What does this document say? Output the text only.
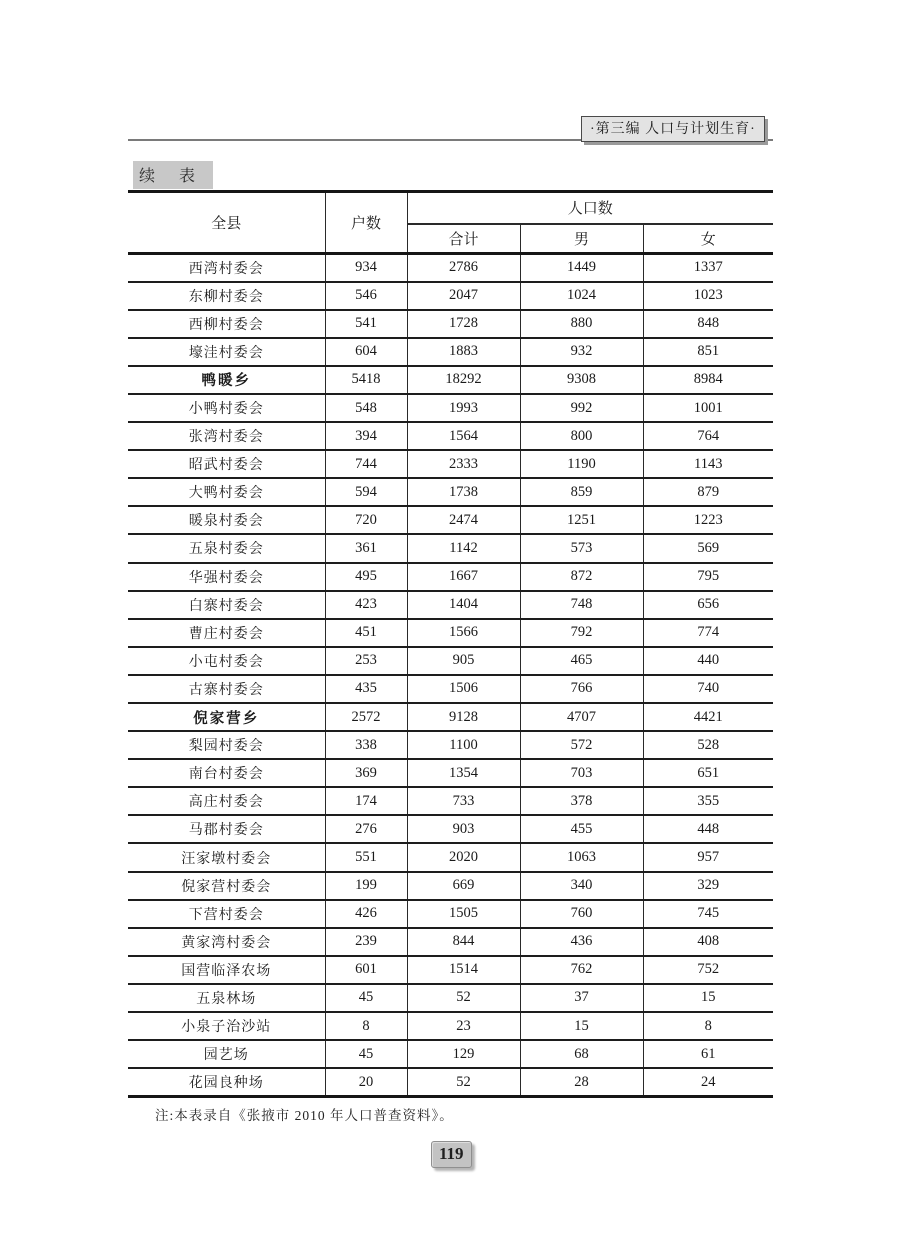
·第三编 人口与计划生育·
续 表
全县	户数	人口数		
		合计	男	女
西湾村委会	934	2786	1449	1337
东柳村委会	546	2047	1024	1023
西柳村委会	541	1728	880	848
壕洼村委会	604	1883	932	851
鸭暖乡	5418	18292	9308	8984
小鸭村委会	548	1993	992	1001
张湾村委会	394	1564	800	764
昭武村委会	744	2333	1190	1143
大鸭村委会	594	1738	859	879
暖泉村委会	720	2474	1251	1223
五泉村委会	361	1142	573	569
华强村委会	495	1667	872	795
白寨村委会	423	1404	748	656
曹庄村委会	451	1566	792	774
小屯村委会	253	905	465	440
古寨村委会	435	1506	766	740
倪家营乡	2572	9128	4707	4421
梨园村委会	338	1100	572	528
南台村委会	369	1354	703	651
高庄村委会	174	733	378	355
马郡村委会	276	903	455	448
汪家墩村委会	551	2020	1063	957
倪家营村委会	199	669	340	329
下营村委会	426	1505	760	745
黄家湾村委会	239	844	436	408
国营临泽农场	601	1514	762	752
五泉林场	45	52	37	15
小泉子治沙站	8	23	15	8
园艺场	45	129	68	61
花园良种场	20	52	28	24
注:本表录自《张掖市 2010 年人口普查资料》。
119
